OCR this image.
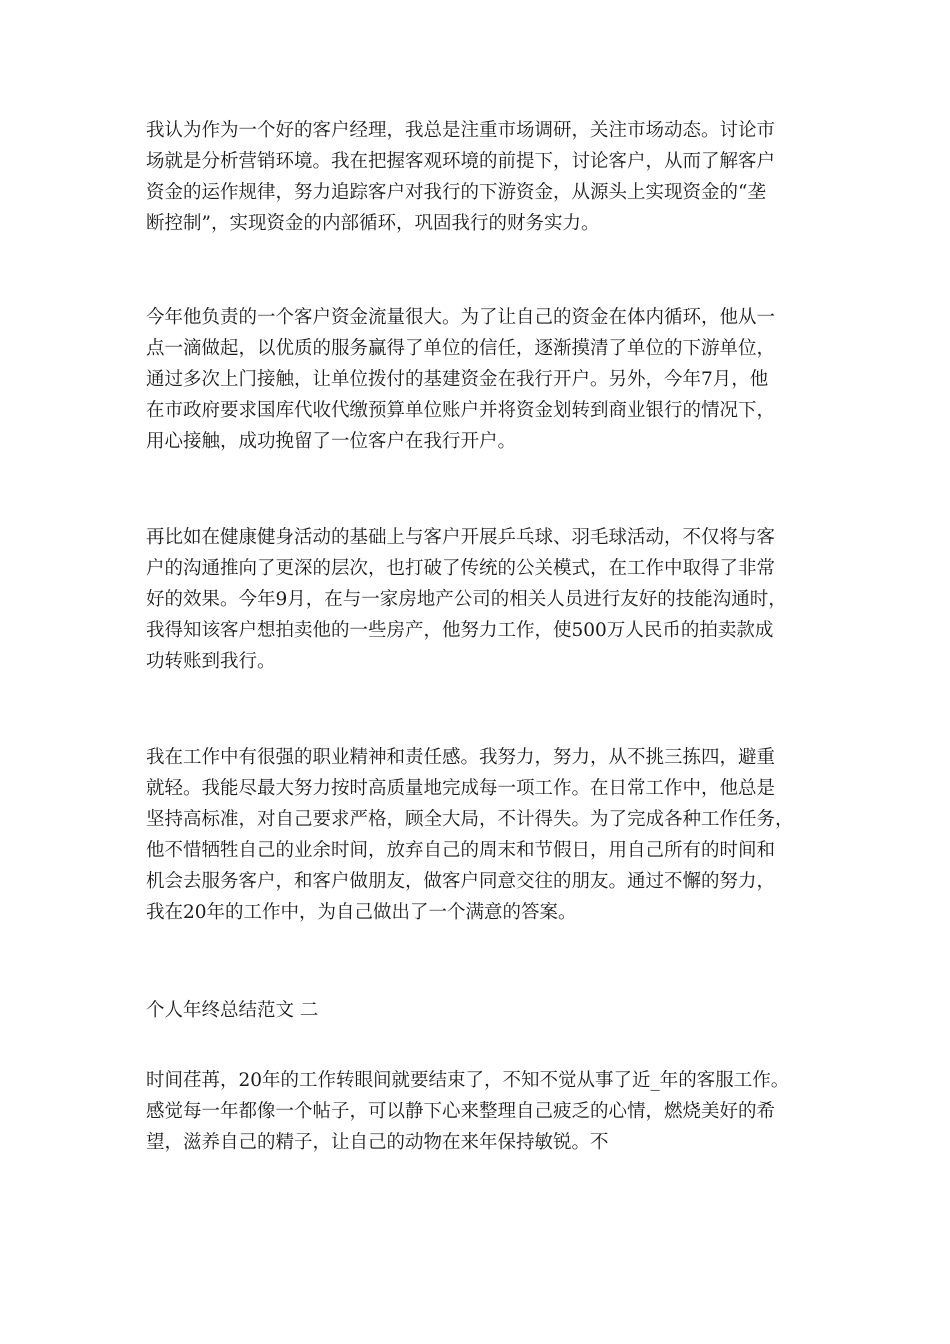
我认为作为一个好的客户经理，我总是注重市场调研，关注市场动态。讨论市
场就是分析营销环境。我在把握客观环境的前提下，讨论客户，从而了解客户
资金的运作规律，努力追踪客户对我行的下游资金，从源头上实现资金的“垄
断控制”，实现资金的内部循环，巩固我行的财务实力。
今年他负责的一个客户资金流量很大。为了让自己的资金在体内循环，他从一
点一滴做起，以优质的服务赢得了单位的信任，逐渐摸清了单位的下游单位，
通过多次上门接触，让单位拨付的基建资金在我行开户。另外，今年7月，他
在市政府要求国库代收代缴预算单位账户并将资金划转到商业银行的情况下，
用心接触，成功挽留了一位客户在我行开户。
再比如在健康健身活动的基础上与客户开展乒乓球、羽毛球活动，不仅将与客
户的沟通推向了更深的层次，也打破了传统的公关模式，在工作中取得了非常
好的效果。今年9月，在与一家房地产公司的相关人员进行友好的技能沟通时，
我得知该客户想拍卖他的一些房产，他努力工作，使500万人民币的拍卖款成
功转账到我行。
我在工作中有很强的职业精神和责任感。我努力，努力，从不挑三拣四，避重
就轻。我能尽最大努力按时高质量地完成每一项工作。在日常工作中，他总是
坚持高标准，对自己要求严格，顾全大局，不计得失。为了完成各种工作任务，
他不惜牺牲自己的业余时间，放弃自己的周末和节假日，用自己所有的时间和
机会去服务客户，和客户做朋友，做客户同意交往的朋友。通过不懈的努力，
我在20年的工作中，为自己做出了一个满意的答案。
个人年终总结范文 二
时间荏苒，20年的工作转眼间就要结束了，不知不觉从事了近_年的客服工作。
感觉每一年都像一个帖子，可以静下心来整理自己疲乏的心情，燃烧美好的希
望，滋养自己的精子，让自己的动物在来年保持敏锐。不
